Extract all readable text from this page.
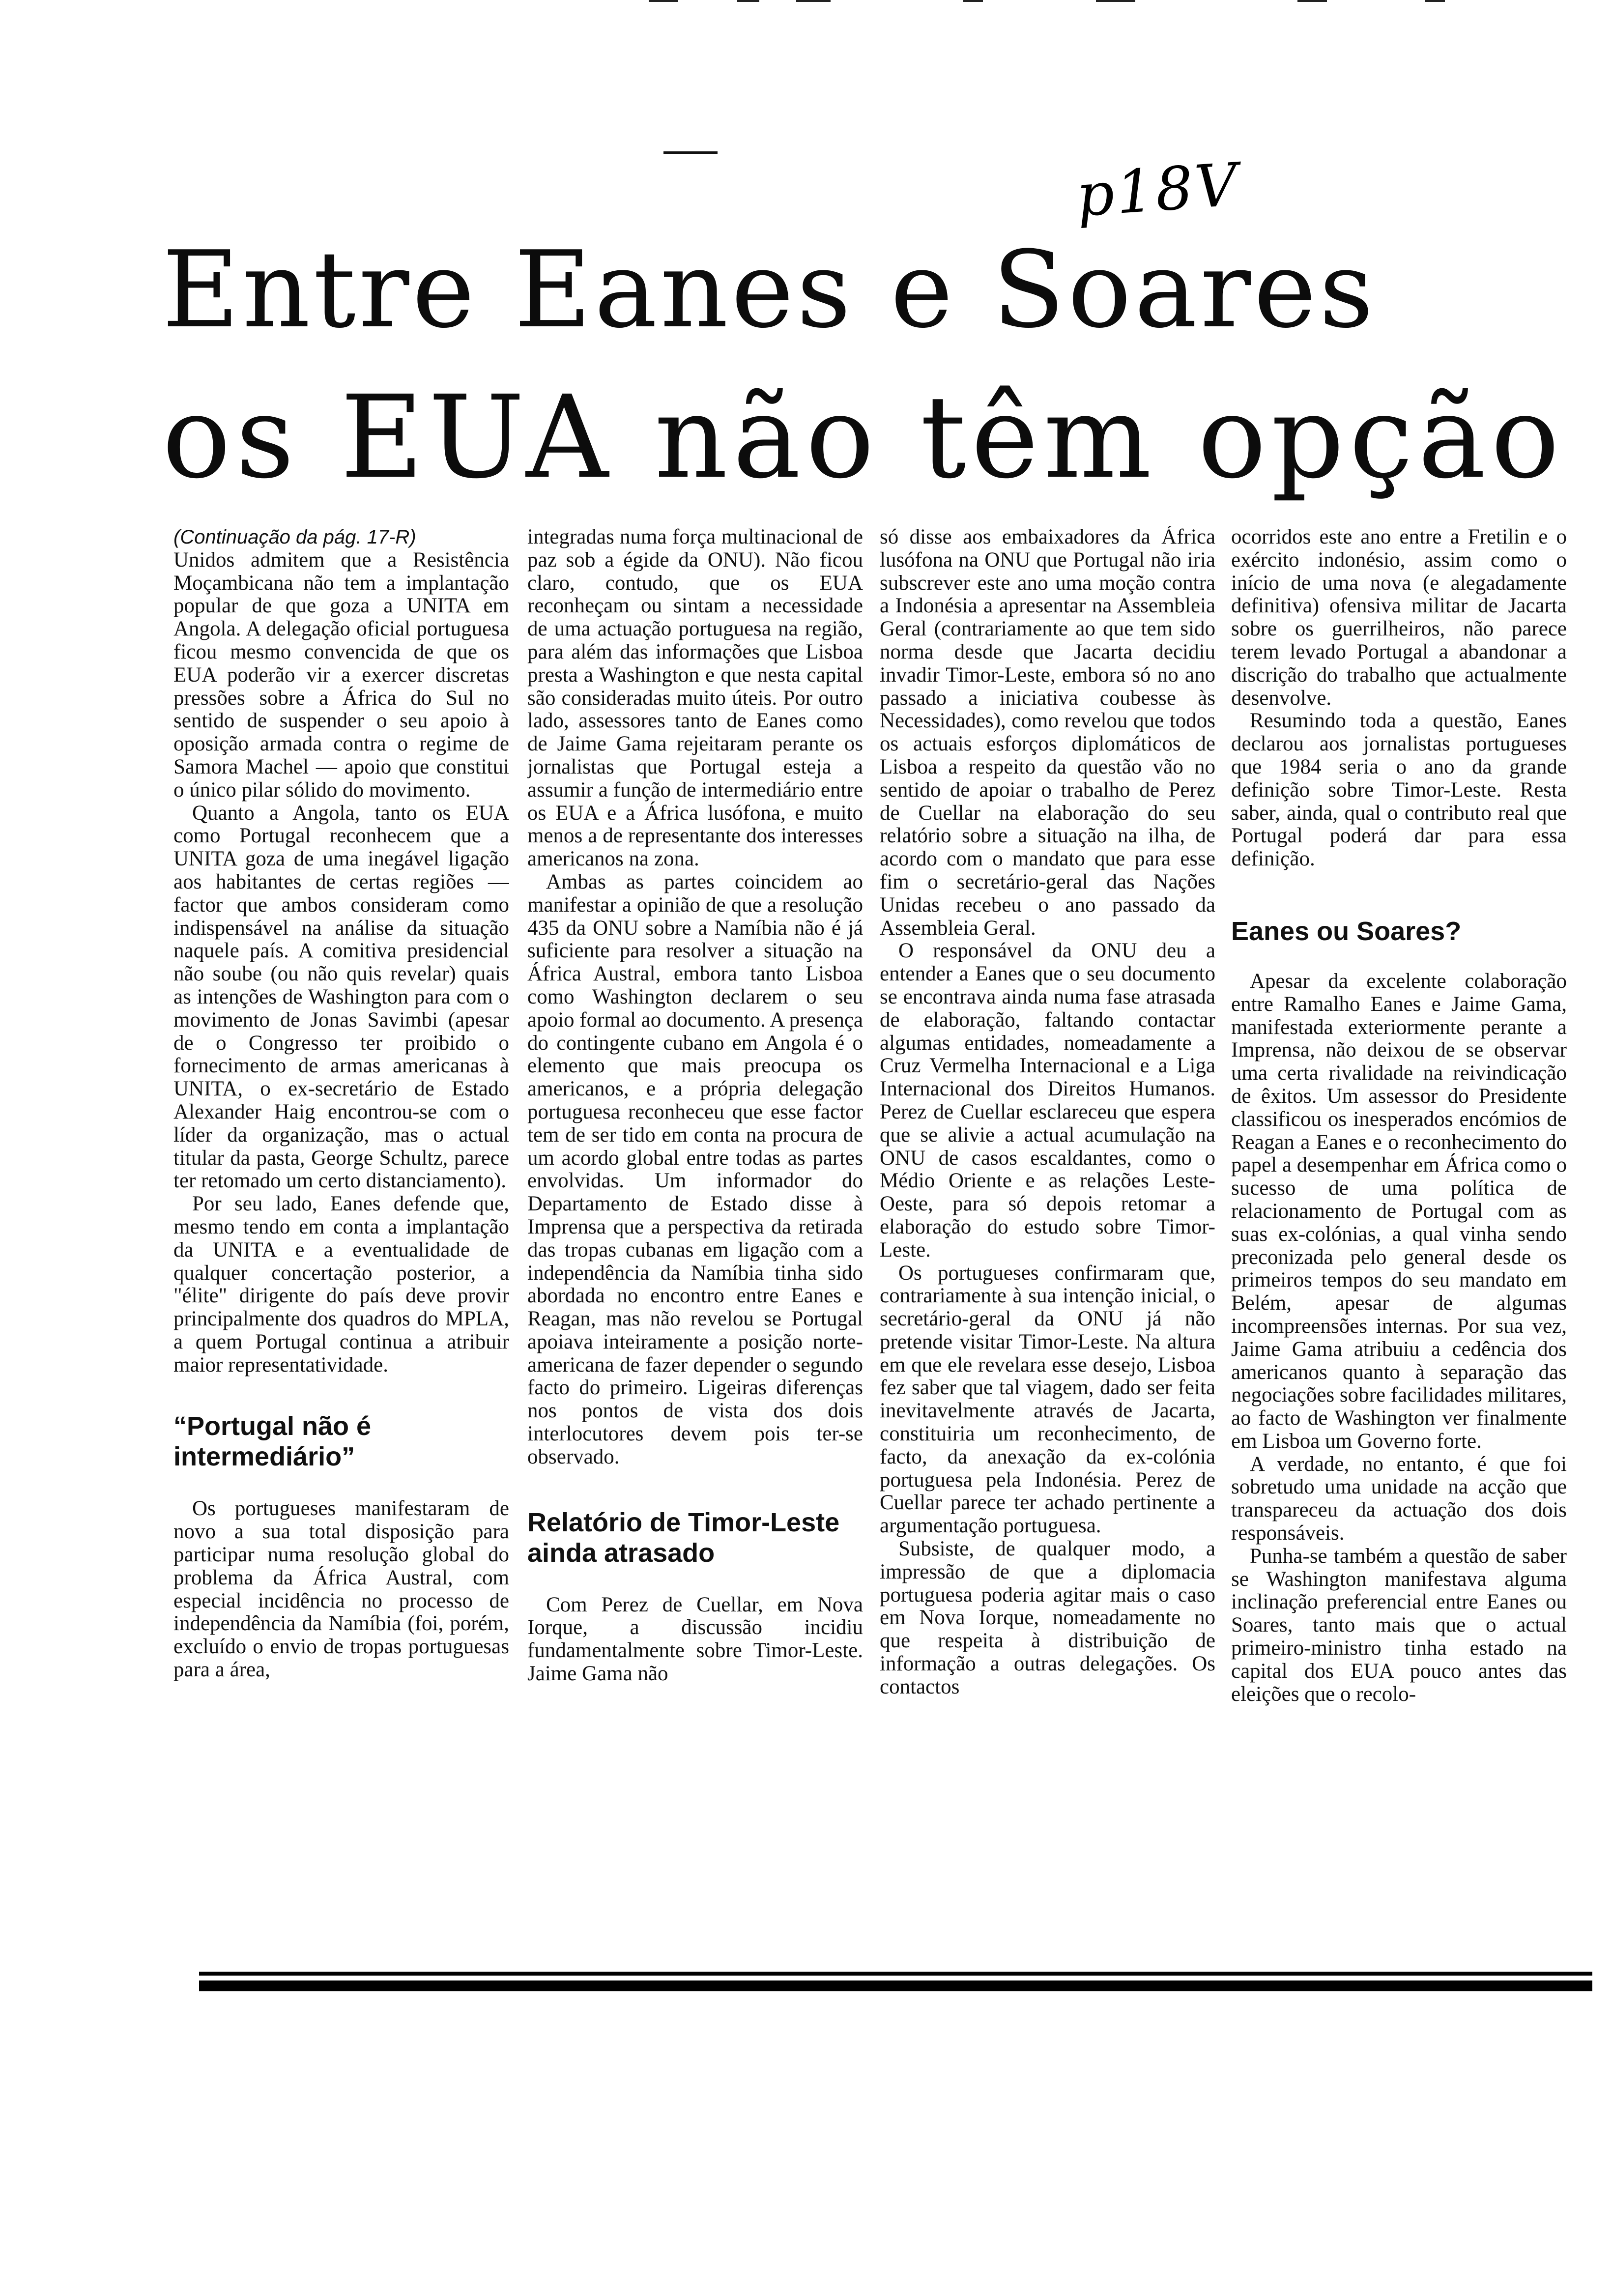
p18V
Entre Eanes e Soares
os EUA não têm opção

(Continuação da pág. 17-R)

Unidos admitem que a Resistência Moçambicana não tem a implantação popular de que goza a UNITA em Angola. A delegação oficial portuguesa ficou mesmo convencida de que os EUA poderão vir a exercer discretas pressões sobre a África do Sul no sentido de suspender o seu apoio à oposição armada contra o regime de Samora Machel — apoio que constitui o único pilar sólido do movimento.

Quanto a Angola, tanto os EUA como Portugal reconhecem que a UNITA goza de uma inegável ligação aos habitantes de certas regiões — factor que ambos consideram como indispensável na análise da situação naquele país. A comitiva presidencial não soube (ou não quis revelar) quais as intenções de Washington para com o movimento de Jonas Savimbi (apesar de o Congresso ter proibido o fornecimento de armas americanas à UNITA, o ex-secretário de Estado Alexander Haig encontrou-se com o líder da organização, mas o actual titular da pasta, George Schultz, parece ter retomado um certo distanciamento).

Por seu lado, Eanes defende que, mesmo tendo em conta a implantação da UNITA e a eventualidade de qualquer concertação posterior, a "élite" dirigente do país deve provir principalmente dos quadros do MPLA, a quem Portugal continua a atribuir maior representatividade.

“Portugal não é intermediário”

Os portugueses manifestaram de novo a sua total disposição para participar numa resolução global do problema da África Austral, com especial incidência no processo de independência da Namíbia (foi, porém, excluído o envio de tropas portuguesas para a área,

integradas numa força multinacional de paz sob a égide da ONU). Não ficou claro, contudo, que os EUA reconheçam ou sintam a necessidade de uma actuação portuguesa na região, para além das informações que Lisboa presta a Washington e que nesta capital são consideradas muito úteis. Por outro lado, assessores tanto de Eanes como de Jaime Gama rejeitaram perante os jornalistas que Portugal esteja a assumir a função de intermediário entre os EUA e a África lusófona, e muito menos a de representante dos interesses americanos na zona.

Ambas as partes coincidem ao manifestar a opinião de que a resolução 435 da ONU sobre a Namíbia não é já suficiente para resolver a situação na África Austral, embora tanto Lisboa como Washington declarem o seu apoio formal ao documento. A presença do contingente cubano em Angola é o elemento que mais preocupa os americanos, e a própria delegação portuguesa reconheceu que esse factor tem de ser tido em conta na procura de um acordo global entre todas as partes envolvidas. Um informador do Departamento de Estado disse à Imprensa que a perspectiva da retirada das tropas cubanas em ligação com a independência da Namíbia tinha sido abordada no encontro entre Eanes e Reagan, mas não revelou se Portugal apoiava inteiramente a posição norte-americana de fazer depender o segundo facto do primeiro. Ligeiras diferenças nos pontos de vista dos dois interlocutores devem pois ter-se observado.

Relatório de Timor-Leste ainda atrasado

Com Perez de Cuellar, em Nova Iorque, a discussão incidiu fundamentalmente sobre Timor-Leste. Jaime Gama não

só disse aos embaixadores da África lusófona na ONU que Portugal não iria subscrever este ano uma moção contra a Indonésia a apresentar na Assembleia Geral (contrariamente ao que tem sido norma desde que Jacarta decidiu invadir Timor-Leste, embora só no ano passado a iniciativa coubesse às Necessidades), como revelou que todos os actuais esforços diplomáticos de Lisboa a respeito da questão vão no sentido de apoiar o trabalho de Perez de Cuellar na elaboração do seu relatório sobre a situação na ilha, de acordo com o mandato que para esse fim o secretário-geral das Nações Unidas recebeu o ano passado da Assembleia Geral.

O responsável da ONU deu a entender a Eanes que o seu documento se encontrava ainda numa fase atrasada de elaboração, faltando contactar algumas entidades, nomeadamente a Cruz Vermelha Internacional e a Liga Internacional dos Direitos Humanos. Perez de Cuellar esclareceu que espera que se alivie a actual acumulação na ONU de casos escaldantes, como o Médio Oriente e as relações Leste-Oeste, para só depois retomar a elaboração do estudo sobre Timor-Leste.

Os portugueses confirmaram que, contrariamente à sua intenção inicial, o secretário-geral da ONU já não pretende visitar Timor-Leste. Na altura em que ele revelara esse desejo, Lisboa fez saber que tal viagem, dado ser feita inevitavelmente através de Jacarta, constituiria um reconhecimento, de facto, da anexação da ex-colónia portuguesa pela Indonésia. Perez de Cuellar parece ter achado pertinente a argumentação portuguesa.

Subsiste, de qualquer modo, a impressão de que a diplomacia portuguesa poderia agitar mais o caso em Nova Iorque, nomeadamente no que respeita à distribuição de informação a outras delegações. Os contactos

ocorridos este ano entre a Fretilin e o exército indonésio, assim como o início de uma nova (e alegadamente definitiva) ofensiva militar de Jacarta sobre os guerrilheiros, não parece terem levado Portugal a abandonar a discrição do trabalho que actualmente desenvolve.

Resumindo toda a questão, Eanes declarou aos jornalistas portugueses que 1984 seria o ano da grande definição sobre Timor-Leste. Resta saber, ainda, qual o contributo real que Portugal poderá dar para essa definição.

Eanes ou Soares?

Apesar da excelente colaboração entre Ramalho Eanes e Jaime Gama, manifestada exteriormente perante a Imprensa, não deixou de se observar uma certa rivalidade na reivindicação de êxitos. Um assessor do Presidente classificou os inesperados encómios de Reagan a Eanes e o reconhecimento do papel a desempenhar em África como o sucesso de uma política de relacionamento de Portugal com as suas ex-colónias, a qual vinha sendo preconizada pelo general desde os primeiros tempos do seu mandato em Belém, apesar de algumas incompreensões internas. Por sua vez, Jaime Gama atribuiu a cedência dos americanos quanto à separação das negociações sobre facilidades militares, ao facto de Washington ver finalmente em Lisboa um Governo forte.

A verdade, no entanto, é que foi sobretudo uma unidade na acção que transpareceu da actuação dos dois responsáveis.

Punha-se também a questão de saber se Washington manifestava alguma inclinação preferencial entre Eanes ou Soares, tanto mais que o actual primeiro-ministro tinha estado na capital dos EUA pouco antes das eleições que o recolo-
